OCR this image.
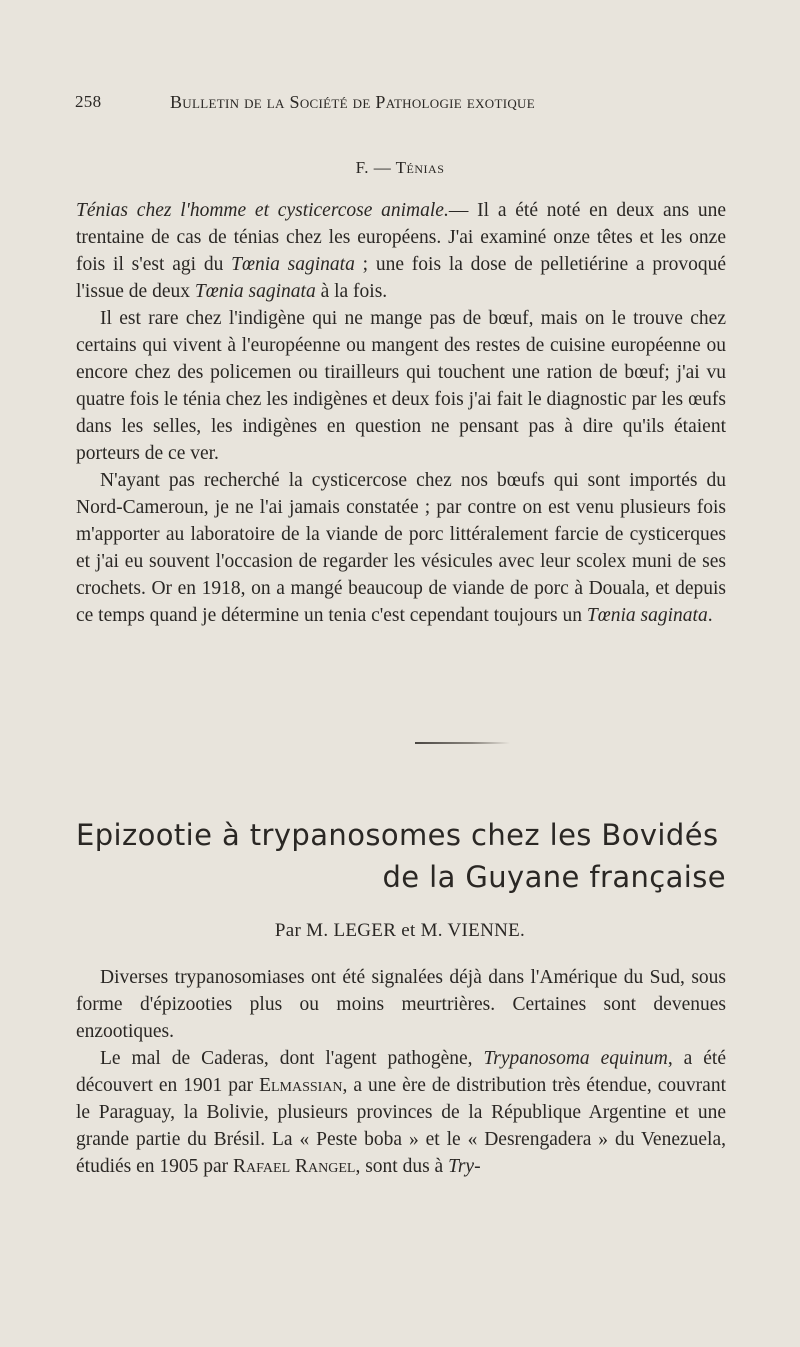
258	Bulletin de la Société de Pathologie exotique
F. — Ténias

Ténias chez l'homme et cysticercose animale.— Il a été noté en deux ans une trentaine de cas de ténias chez les européens. J'ai examiné onze têtes et les onze fois il s'est agi du Tœnia saginata ; une fois la dose de pelletiérine a provoqué l'issue de deux Tœnia saginata à la fois.

Il est rare chez l'indigène qui ne mange pas de bœuf, mais on le trouve chez certains qui vivent à l'européenne ou mangent des restes de cuisine européenne ou encore chez des policemen ou tirailleurs qui touchent une ration de bœuf; j'ai vu quatre fois le ténia chez les indigènes et deux fois j'ai fait le diagnostic par les œufs dans les selles, les indigènes en question ne pensant pas à dire qu'ils étaient porteurs de ce ver.

N'ayant pas recherché la cysticercose chez nos bœufs qui sont importés du Nord-Cameroun, je ne l'ai jamais constatée ; par contre on est venu plusieurs fois m'apporter au laboratoire de la viande de porc littéralement farcie de cysticerques et j'ai eu souvent l'occasion de regarder les vésicules avec leur scolex muni de ses crochets. Or en 1918, on a mangé beaucoup de viande de porc à Douala, et depuis ce temps quand je détermine un tenia c'est cependant toujours un Tœnia saginata.

Epizootie à trypanosomes chez les Bovidés
de la Guyane française
Par M. LEGER et M. VIENNE.

Diverses trypanosomiases ont été signalées déjà dans l'Amérique du Sud, sous forme d'épizooties plus ou moins meurtrières. Certaines sont devenues enzootiques.

Le mal de Caderas, dont l'agent pathogène, Trypanosoma equinum, a été découvert en 1901 par Elmassian, a une ère de distribution très étendue, couvrant le Paraguay, la Bolivie, plusieurs provinces de la République Argentine et une grande partie du Brésil. La « Peste boba » et le « Desrengadera » du Venezuela, étudiés en 1905 par Rafael Rangel, sont dus à Try-
